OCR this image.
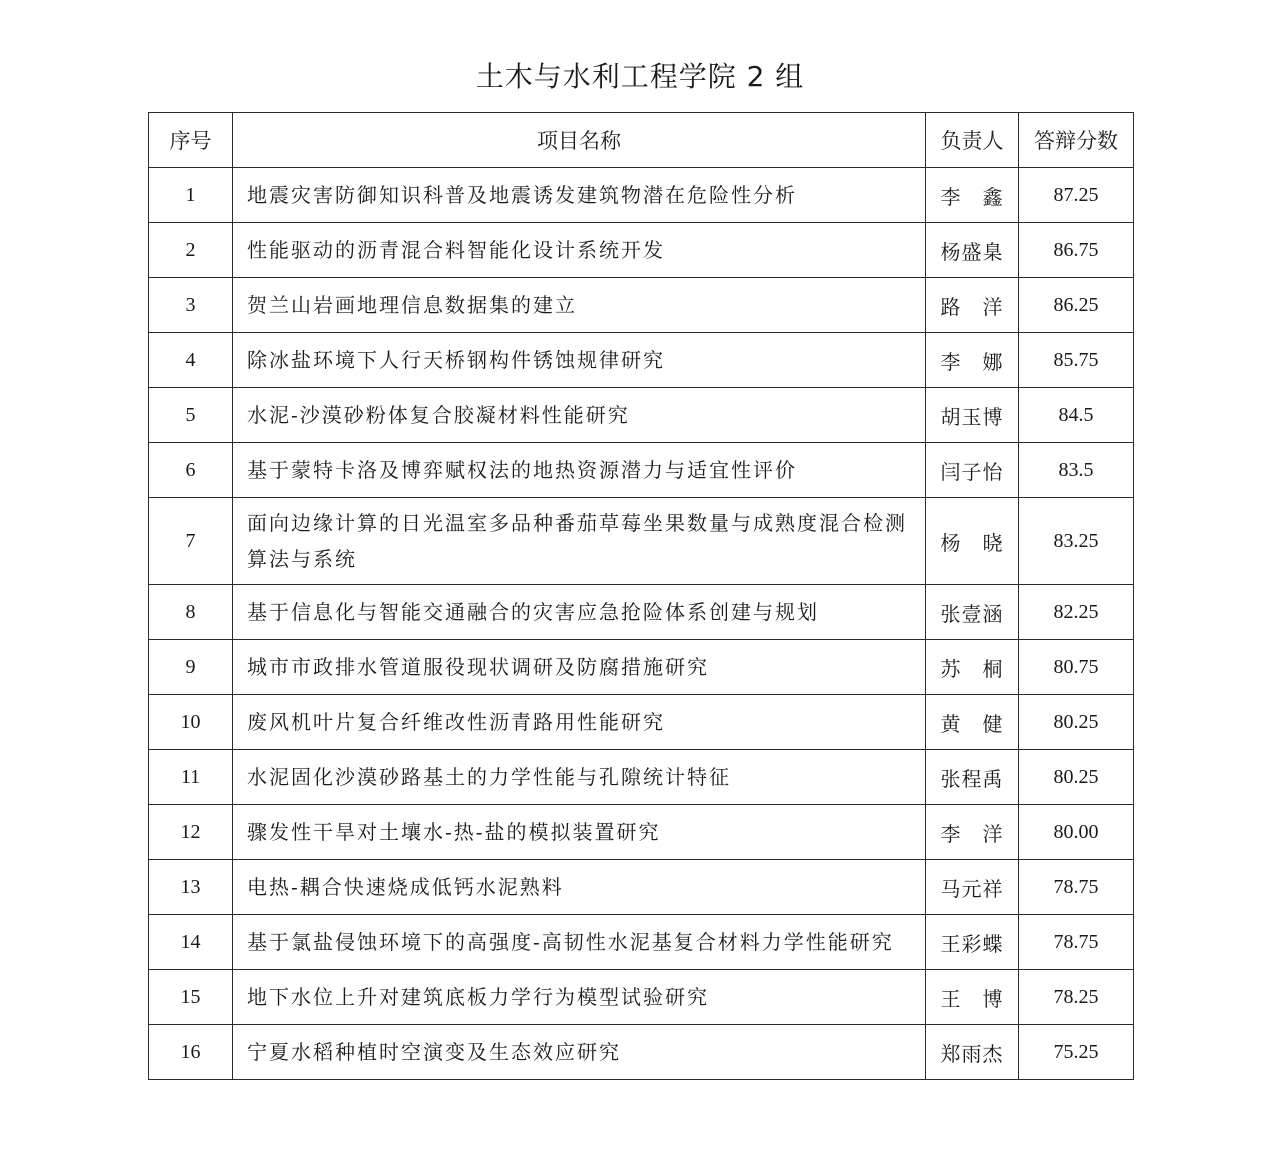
土木与水利工程学院 2 组
序号	项目名称	负责人	答辩分数
1	地震灾害防御知识科普及地震诱发建筑物潜在危险性分析	李　鑫	87.25
2	性能驱动的沥青混合料智能化设计系统开发	杨盛臬	86.75
3	贺兰山岩画地理信息数据集的建立	路　洋	86.25
4	除冰盐环境下人行天桥钢构件锈蚀规律研究	李　娜	85.75
5	水泥-沙漠砂粉体复合胶凝材料性能研究	胡玉博	84.5
6	基于蒙特卡洛及博弈赋权法的地热资源潜力与适宜性评价	闫子怡	83.5
7	面向边缘计算的日光温室多品种番茄草莓坐果数量与成熟度混合检测算法与系统	杨　晓	83.25
8	基于信息化与智能交通融合的灾害应急抢险体系创建与规划	张壹涵	82.25
9	城市市政排水管道服役现状调研及防腐措施研究	苏　桐	80.75
10	废风机叶片复合纤维改性沥青路用性能研究	黄　健	80.25
11	水泥固化沙漠砂路基土的力学性能与孔隙统计特征	张程禹	80.25
12	骤发性干旱对土壤水-热-盐的模拟装置研究	李　洋	80.00
13	电热-耦合快速烧成低钙水泥熟料	马元祥	78.75
14	基于氯盐侵蚀环境下的高强度-高韧性水泥基复合材料力学性能研究	王彩蝶	78.75
15	地下水位上升对建筑底板力学行为模型试验研究	王　博	78.25
16	宁夏水稻种植时空演变及生态效应研究	郑雨杰	75.25
